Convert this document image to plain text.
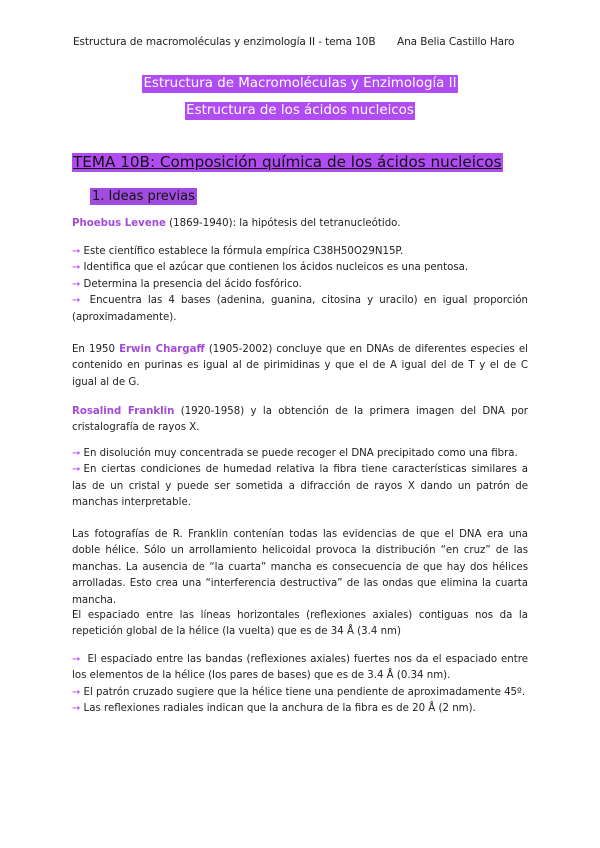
Estructura de macromoléculas y enzimología II - tema 10B Ana Belia Castillo Haro
Estructura de Macromoléculas y Enzimología II
Estructura de los ácidos nucleicos
TEMA 10B: Composición química de los ácidos nucleicos
1. Ideas previas
Phoebus Levene (1869-1940): la hipótesis del tetranucleótido.
➙ Este científico establece la fórmula empírica C38H50O29N15P.
➙ Identifica que el azúcar que contienen los ácidos nucleicos es una pentosa.
➙ Determina la presencia del ácido fosfórico.
➙ Encuentra las 4 bases (adenina, guanina, citosina y uracilo) en igual proporción (aproximadamente).
En 1950 Erwin Chargaff (1905-2002) concluye que en DNAs de diferentes especies el contenido en purinas es igual al de pirimidinas y que el de A igual del de T y el de C igual al de G.
Rosalind Franklin (1920-1958) y la obtención de la primera imagen del DNA por cristalografía de rayos X.
➙ En disolución muy concentrada se puede recoger el DNA precipitado como una fibra.
➙ En ciertas condiciones de humedad relativa la fibra tiene características similares a las de un cristal y puede ser sometida a difracción de rayos X dando un patrón de manchas interpretable.
Las fotografías de R. Franklin contenían todas las evidencias de que el DNA era una doble hélice. Sólo un arrollamiento helicoidal provoca la distribución “en cruz” de las manchas. La ausencia de “la cuarta” mancha es consecuencia de que hay dos hélices arrolladas. Esto crea una “interferencia destructiva” de las ondas que elimina la cuarta mancha.
El espaciado entre las líneas horizontales (reflexiones axiales) contiguas nos da la repetición global de la hélice (la vuelta) que es de 34 Å (3.4 nm)
➙ El espaciado entre las bandas (reflexiones axiales) fuertes nos da el espaciado entre los elementos de la hélice (los pares de bases) que es de 3.4 Å (0.34 nm).
➙ El patrón cruzado sugiere que la hélice tiene una pendiente de aproximadamente 45º.
➙ Las reflexiones radiales indican que la anchura de la fibra es de 20 Å (2 nm).
